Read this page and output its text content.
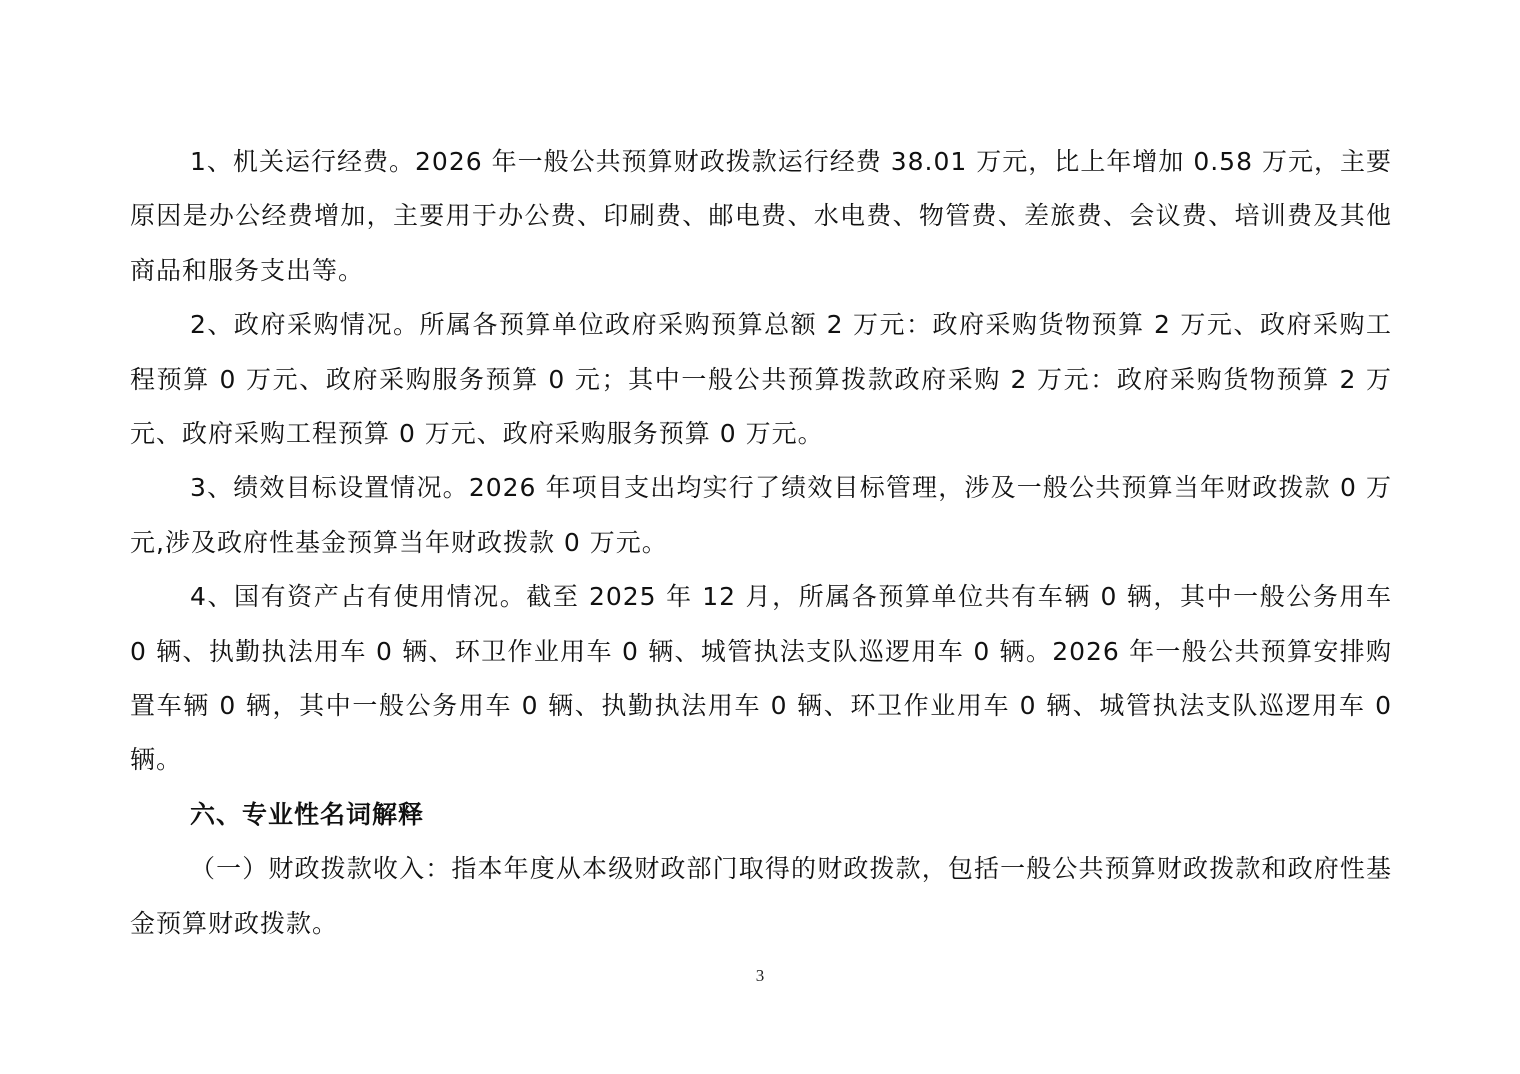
1、机关运行经费。2026 年一般公共预算财政拨款运行经费 38.01 万元，比上年增加 0.58 万元，主要原因是办公经费增加，主要用于办公费、印刷费、邮电费、水电费、物管费、差旅费、会议费、培训费及其他商品和服务支出等。

2、政府采购情况。所属各预算单位政府采购预算总额 2 万元：政府采购货物预算 2 万元、政府采购工程预算 0 万元、政府采购服务预算 0 元；其中一般公共预算拨款政府采购 2 万元：政府采购货物预算 2 万元、政府采购工程预算 0 万元、政府采购服务预算 0 万元。

3、绩效目标设置情况。2026 年项目支出均实行了绩效目标管理，涉及一般公共预算当年财政拨款 0 万元,涉及政府性基金预算当年财政拨款 0 万元。

4、国有资产占有使用情况。截至 2025 年 12 月，所属各预算单位共有车辆 0 辆，其中一般公务用车 0 辆、执勤执法用车 0 辆、环卫作业用车 0 辆、城管执法支队巡逻用车 0 辆。2026 年一般公共预算安排购置车辆 0 辆，其中一般公务用车 0 辆、执勤执法用车 0 辆、环卫作业用车 0 辆、城管执法支队巡逻用车 0 辆。

六、专业性名词解释

（一）财政拨款收入：指本年度从本级财政部门取得的财政拨款，包括一般公共预算财政拨款和政府性基金预算财政拨款。

3
